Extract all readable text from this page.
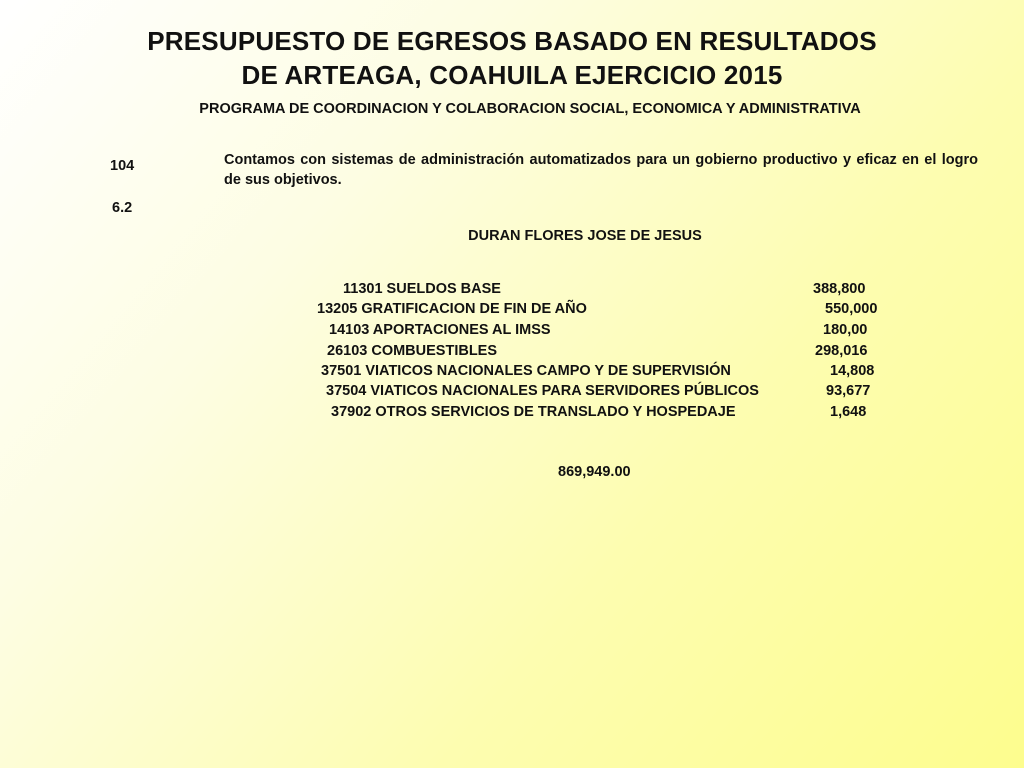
PRESUPUESTO DE EGRESOS BASADO EN RESULTADOS
DE ARTEAGA, COAHUILA EJERCICIO 2015
PROGRAMA DE COORDINACION Y COLABORACION SOCIAL, ECONOMICA Y ADMINISTRATIVA
104
6.2
Contamos con sistemas de administración automatizados para un gobierno productivo y eficaz en el logro de sus objetivos.
DURAN FLORES JOSE DE JESUS
11301 SUELDOS BASE	388,800
13205 GRATIFICACION DE FIN DE AÑO	550,000
14103 APORTACIONES AL IMSS	180,00
26103 COMBUESTIBLES	298,016
37501 VIATICOS NACIONALES CAMPO Y DE SUPERVISIÓN	14,808
37504 VIATICOS NACIONALES PARA SERVIDORES PÚBLICOS	93,677
37902 OTROS SERVICIOS DE TRANSLADO Y HOSPEDAJE	1,648
869,949.00
